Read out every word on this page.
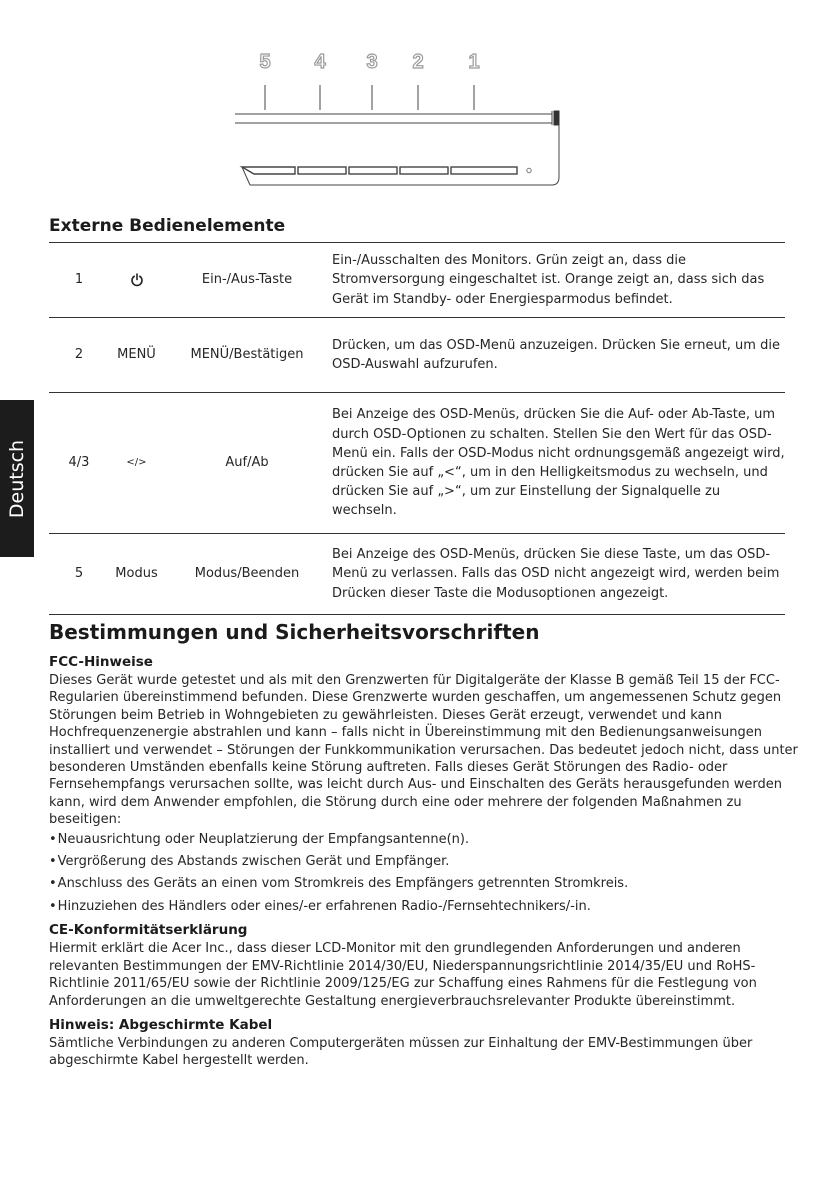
5	4	3	2	1
Externe Bedienelemente
1		Ein-/Aus-Taste	Ein-/Ausschalten des Monitors. Grün zeigt an, dass die Stromversorgung eingeschaltet ist. Orange zeigt an, dass sich das Gerät im Standby- oder Energiesparmodus befindet.
2	MENÜ	MENÜ/Bestätigen	Drücken, um das OSD-Menü anzuzeigen. Drücken Sie erneut, um die OSD-Auswahl aufzurufen.
4/3	</>	Auf/Ab	Bei Anzeige des OSD-Menüs, drücken Sie die Auf- oder Ab-Taste, um durch OSD-Optionen zu schalten. Stellen Sie den Wert für das OSD-Menü ein. Falls der OSD-Modus nicht ordnungsgemäß angezeigt wird, drücken Sie auf „<“, um in den Helligkeitsmodus zu wechseln, und drücken Sie auf „>“, um zur Einstellung der Signalquelle zu wechseln.
5	Modus	Modus/Beenden	Bei Anzeige des OSD-Menüs, drücken Sie diese Taste, um das OSD-Menü zu verlassen. Falls das OSD nicht angezeigt wird, werden beim Drücken dieser Taste die Modusoptionen angezeigt.
Deutsch
Bestimmungen und Sicherheitsvorschriften
FCC-Hinweise

Dieses Gerät wurde getestet und als mit den Grenzwerten für Digitalgeräte der Klasse B gemäß Teil 15 der FCC-Regularien übereinstimmend befunden. Diese Grenzwerte wurden geschaffen, um angemessenen Schutz gegen Störungen beim Betrieb in Wohngebieten zu gewährleisten. Dieses Gerät erzeugt, verwendet und kann Hochfrequenzenergie abstrahlen und kann – falls nicht in Übereinstimmung mit den Bedienungsanweisungen installiert und verwendet – Störungen der Funkkommunikation verursachen. Das bedeutet jedoch nicht, dass unter besonderen Umständen ebenfalls keine Störung auftreten. Falls dieses Gerät Störungen des Radio- oder Fernsehempfangs verursachen sollte, was leicht durch Aus- und Einschalten des Geräts herausgefunden werden kann, wird dem Anwender empfohlen, die Störung durch eine oder mehrere der folgenden Maßnahmen zu beseitigen:

• Neuausrichtung oder Neuplatzierung der Empfangsantenne(n).
• Vergrößerung des Abstands zwischen Gerät und Empfänger.
• Anschluss des Geräts an einen vom Stromkreis des Empfängers getrennten Stromkreis.
• Hinzuziehen des Händlers oder eines/-er erfahrenen Radio-/Fernsehtechnikers/-in.
CE-Konformitätserklärung

Hiermit erklärt die Acer Inc., dass dieser LCD-Monitor mit den grundlegenden Anforderungen und anderen relevanten Bestimmungen der EMV-Richtlinie 2014/30/EU, Niederspannungsrichtlinie 2014/35/EU und RoHS-Richtlinie 2011/65/EU sowie der Richtlinie 2009/125/EG zur Schaffung eines Rahmens für die Festlegung von Anforderungen an die umweltgerechte Gestaltung energieverbrauchsrelevanter Produkte übereinstimmt.

Hinweis: Abgeschirmte Kabel

Sämtliche Verbindungen zu anderen Computergeräten müssen zur Einhaltung der EMV-Bestimmungen über abgeschirmte Kabel hergestellt werden.
